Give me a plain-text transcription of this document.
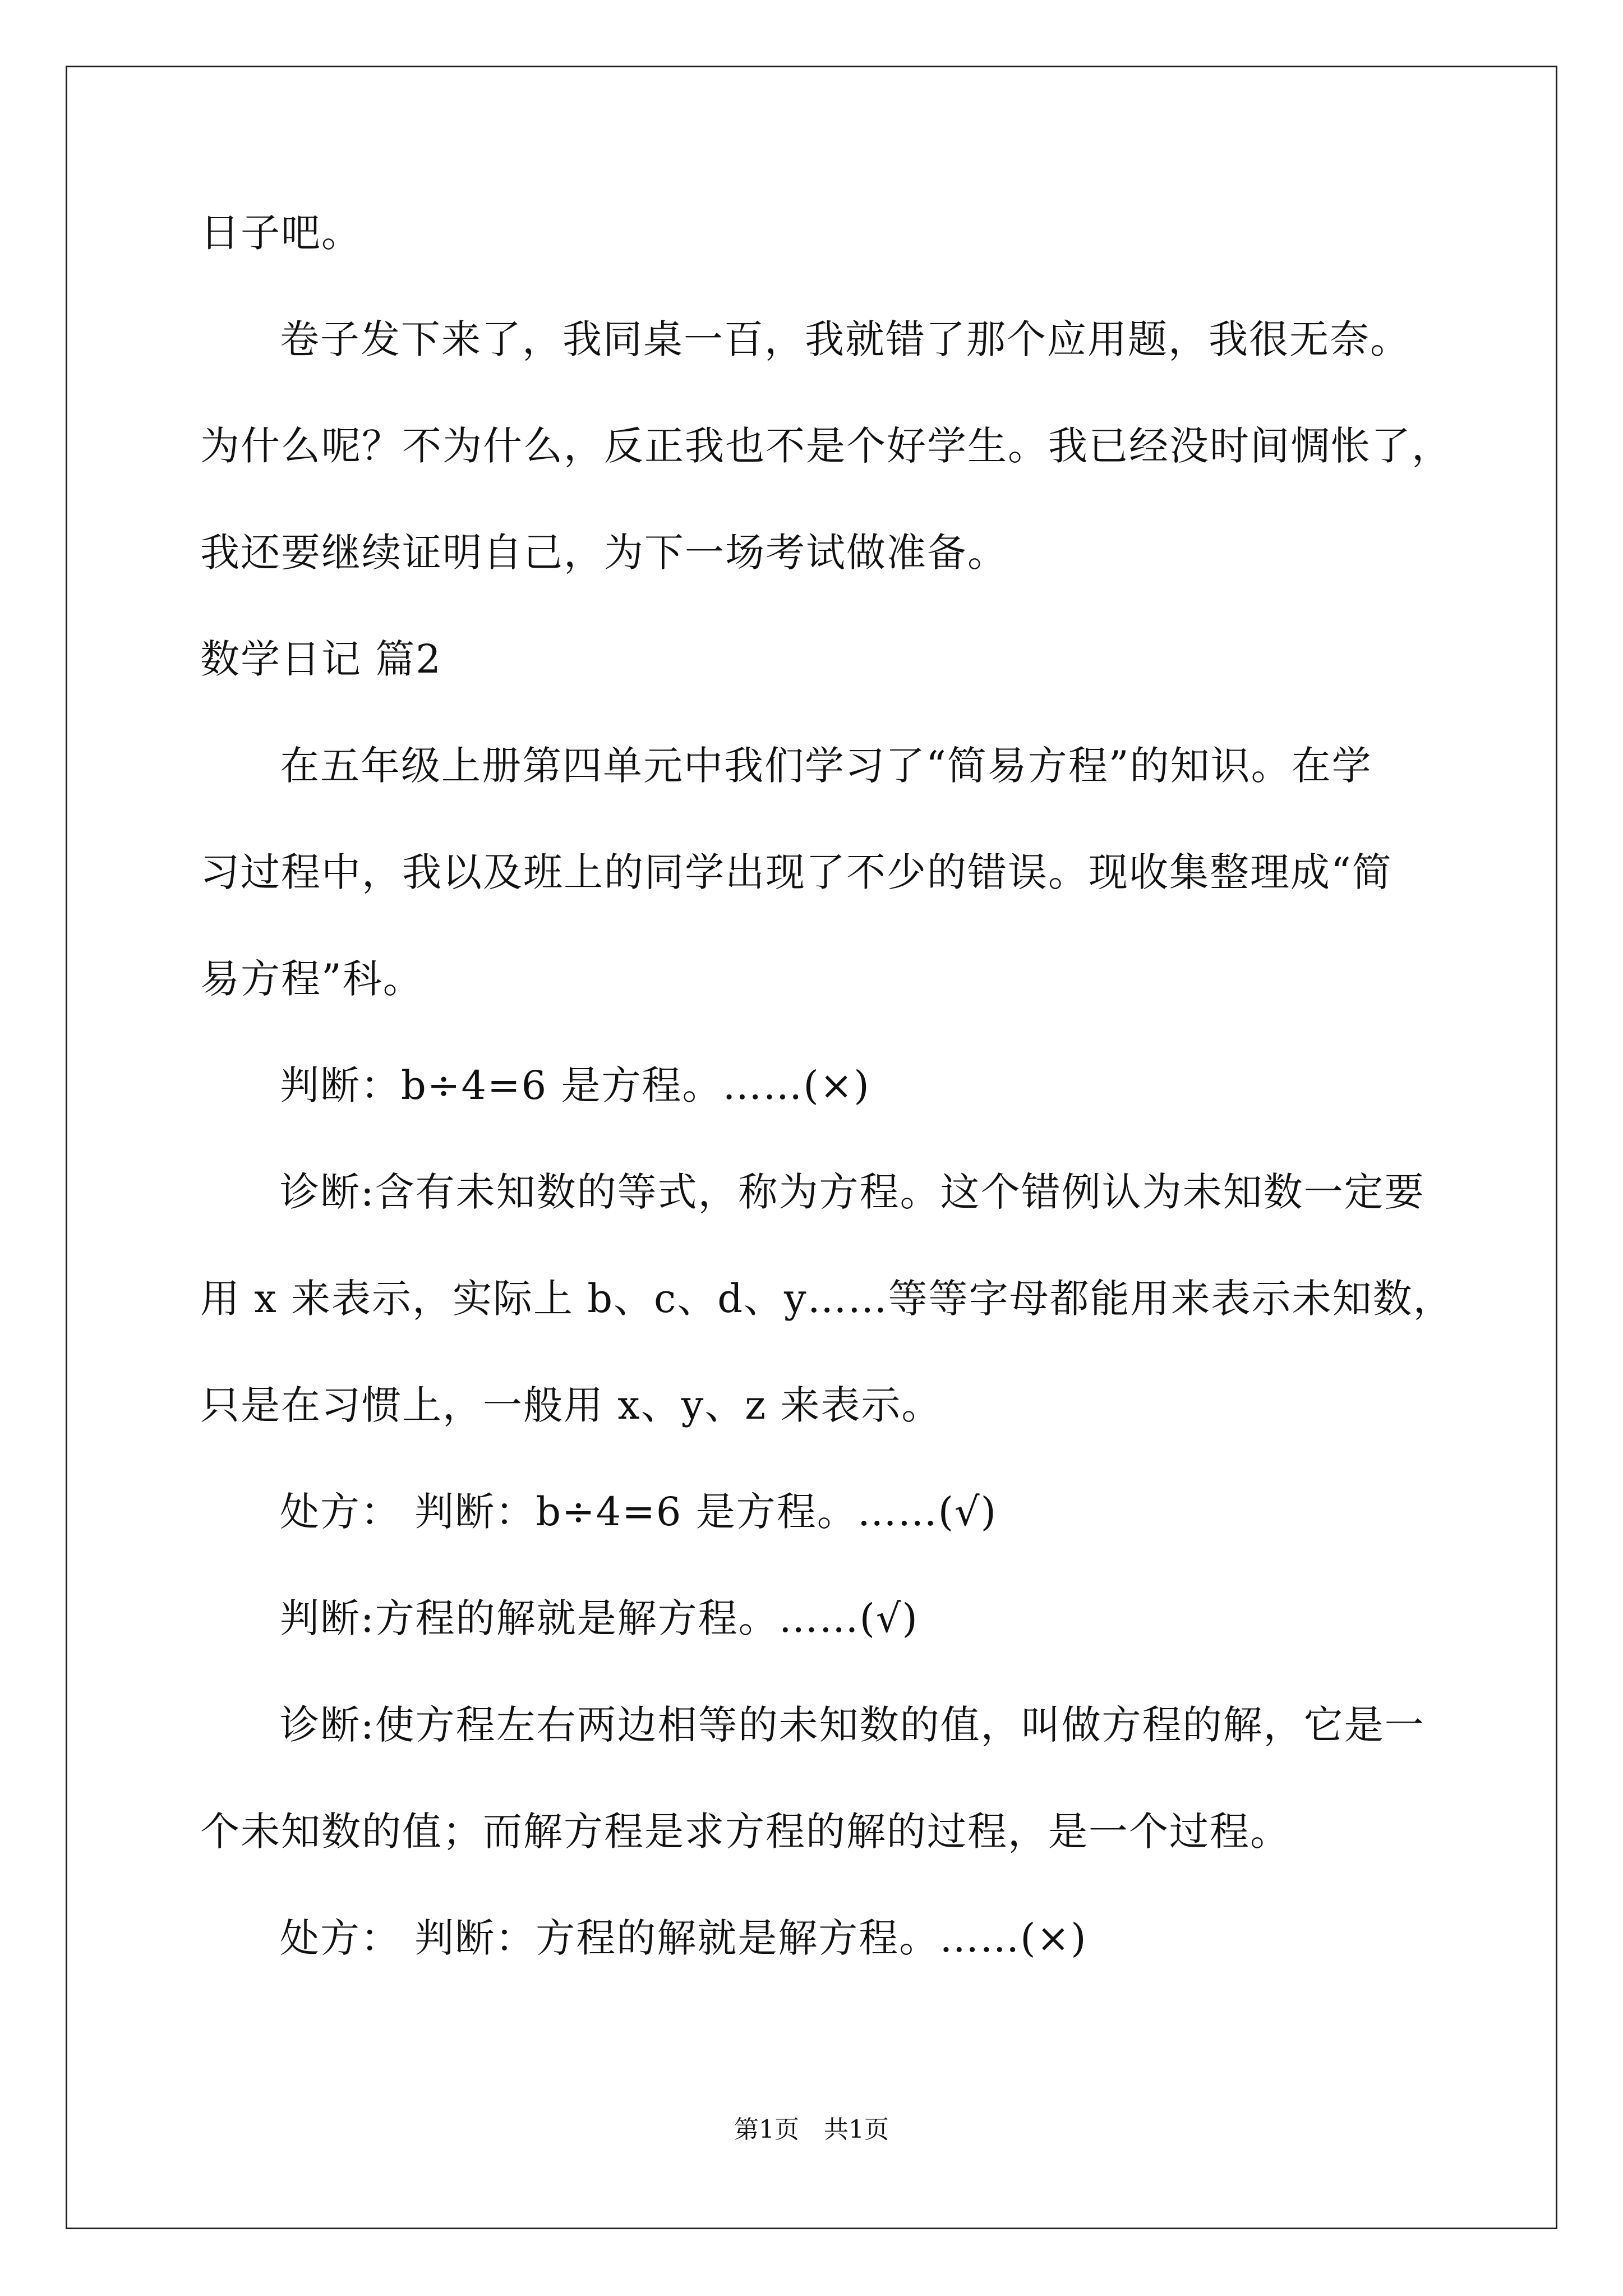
日子吧。
卷子发下来了，我同桌一百，我就错了那个应用题，我很无奈。
为什么呢？不为什么，反正我也不是个好学生。我已经没时间惆怅了，
我还要继续证明自己，为下一场考试做准备。
数学日记 篇2
在五年级上册第四单元中我们学习了“简易方程”的知识。在学
习过程中，我以及班上的同学出现了不少的错误。现收集整理成“简
易方程”科。
判断：b÷4=6 是方程。……(×)
诊断:含有未知数的等式，称为方程。这个错例认为未知数一定要
用 x 来表示，实际上 b、c、d、y……等等字母都能用来表示未知数，
只是在习惯上，一般用 x、y、z 来表示。
处方： 判断：b÷4=6 是方程。……(√)
判断:方程的解就是解方程。……(√)
诊断:使方程左右两边相等的未知数的值，叫做方程的解，它是一
个未知数的值；而解方程是求方程的解的过程，是一个过程。
处方： 判断：方程的解就是解方程。……(×)
第1页　共1页
